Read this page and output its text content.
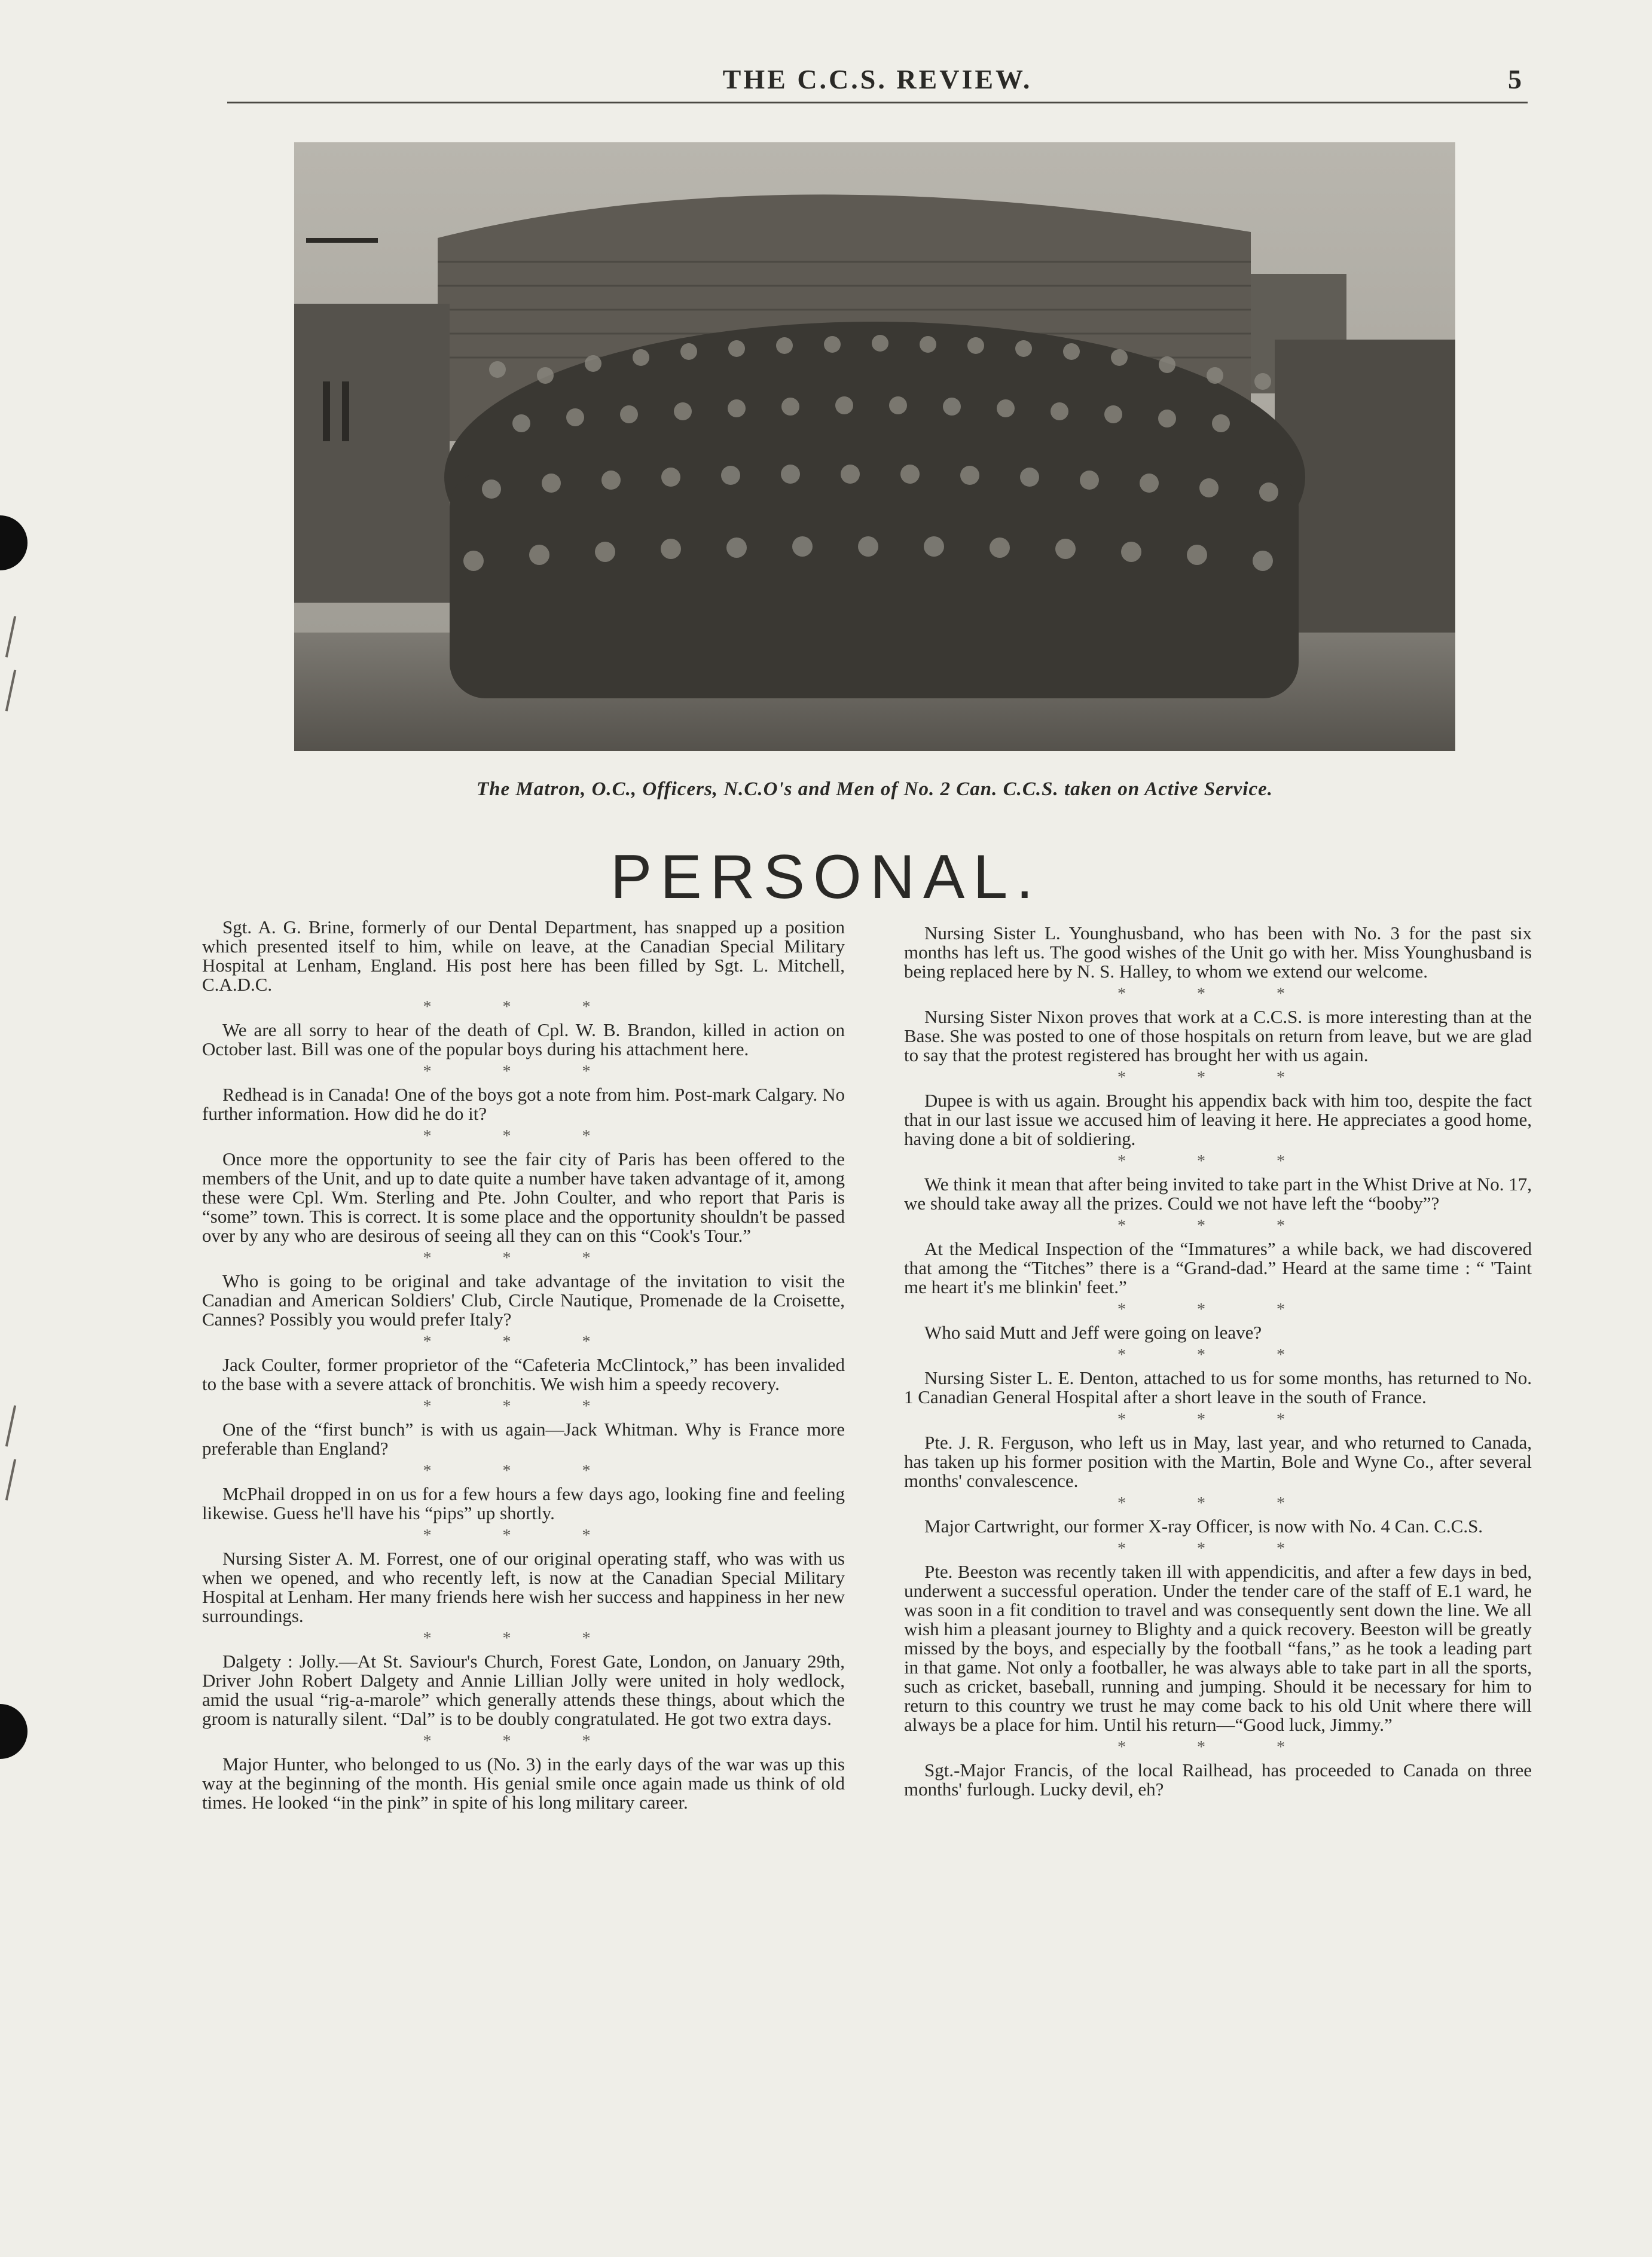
THE C.C.S. REVIEW.	5
The Matron, O.C., Officers, N.C.O's and Men of No. 2 Can. C.C.S. taken on Active Service.
PERSONAL.

Sgt. A. G. Brine, formerly of our Dental Department, has snapped up a position which presented itself to him, while on leave, at the Canadian Special Military Hospital at Lenham, England. His post here has been filled by Sgt. L. Mitchell, C.A.D.C.

* * *

We are all sorry to hear of the death of Cpl. W. B. Brandon, killed in action on October last. Bill was one of the popular boys during his attachment here.

* * *

Redhead is in Canada! One of the boys got a note from him. Post-mark Calgary. No further information. How did he do it?

* * *

Once more the opportunity to see the fair city of Paris has been offered to the members of the Unit, and up to date quite a number have taken advantage of it, among these were Cpl. Wm. Sterling and Pte. John Coulter, and who report that Paris is “some” town. This is correct. It is some place and the opportunity shouldn't be passed over by any who are desirous of seeing all they can on this “Cook's Tour.”

* * *

Who is going to be original and take advantage of the invitation to visit the Canadian and American Soldiers' Club, Circle Nautique, Promenade de la Croisette, Cannes? Possibly you would prefer Italy?

* * *

Jack Coulter, former proprietor of the “Cafeteria McClintock,” has been invalided to the base with a severe attack of bronchitis. We wish him a speedy recovery.

* * *

One of the “first bunch” is with us again—Jack Whitman. Why is France more preferable than England?

* * *

McPhail dropped in on us for a few hours a few days ago, looking fine and feeling likewise. Guess he'll have his “pips” up shortly.

* * *

Nursing Sister A. M. Forrest, one of our original operating staff, who was with us when we opened, and who recently left, is now at the Canadian Special Military Hospital at Lenham. Her many friends here wish her success and happiness in her new surroundings.

* * *

Dalgety : Jolly.—At St. Saviour's Church, Forest Gate, London, on January 29th, Driver John Robert Dalgety and Annie Lillian Jolly were united in holy wedlock, amid the usual “rig-a-marole” which generally attends these things, about which the groom is naturally silent. “Dal” is to be doubly congratulated. He got two extra days.

* * *

Major Hunter, who belonged to us (No. 3) in the early days of the war was up this way at the beginning of the month. His genial smile once again made us think of old times. He looked “in the pink” in spite of his long military career.

Nursing Sister L. Younghusband, who has been with No. 3 for the past six months has left us. The good wishes of the Unit go with her. Miss Younghusband is being replaced here by N. S. Halley, to whom we extend our welcome.

* * *

Nursing Sister Nixon proves that work at a C.C.S. is more interesting than at the Base. She was posted to one of those hospitals on return from leave, but we are glad to say that the protest registered has brought her with us again.

* * *

Dupee is with us again. Brought his appendix back with him too, despite the fact that in our last issue we accused him of leaving it here. He appreciates a good home, having done a bit of soldiering.

* * *

We think it mean that after being invited to take part in the Whist Drive at No. 17, we should take away all the prizes. Could we not have left the “booby”?

* * *

At the Medical Inspection of the “Immatures” a while back, we had discovered that among the “Titches” there is a “Grand-dad.” Heard at the same time : “ 'Taint me heart it's me blinkin' feet.”

* * *

Who said Mutt and Jeff were going on leave?

* * *

Nursing Sister L. E. Denton, attached to us for some months, has returned to No. 1 Canadian General Hospital after a short leave in the south of France.

* * *

Pte. J. R. Ferguson, who left us in May, last year, and who returned to Canada, has taken up his former position with the Martin, Bole and Wyne Co., after several months' convalescence.

* * *

Major Cartwright, our former X-ray Officer, is now with No. 4 Can. C.C.S.

* * *

Pte. Beeston was recently taken ill with appendicitis, and after a few days in bed, underwent a successful operation. Under the tender care of the staff of E.1 ward, he was soon in a fit condition to travel and was consequently sent down the line. We all wish him a pleasant journey to Blighty and a quick recovery. Beeston will be greatly missed by the boys, and especially by the football “fans,” as he took a leading part in that game. Not only a footballer, he was always able to take part in all the sports, such as cricket, baseball, running and jumping. Should it be necessary for him to return to this country we trust he may come back to his old Unit where there will always be a place for him. Until his return—“Good luck, Jimmy.”

* * *

Sgt.-Major Francis, of the local Railhead, has proceeded to Canada on three months' furlough. Lucky devil, eh?
